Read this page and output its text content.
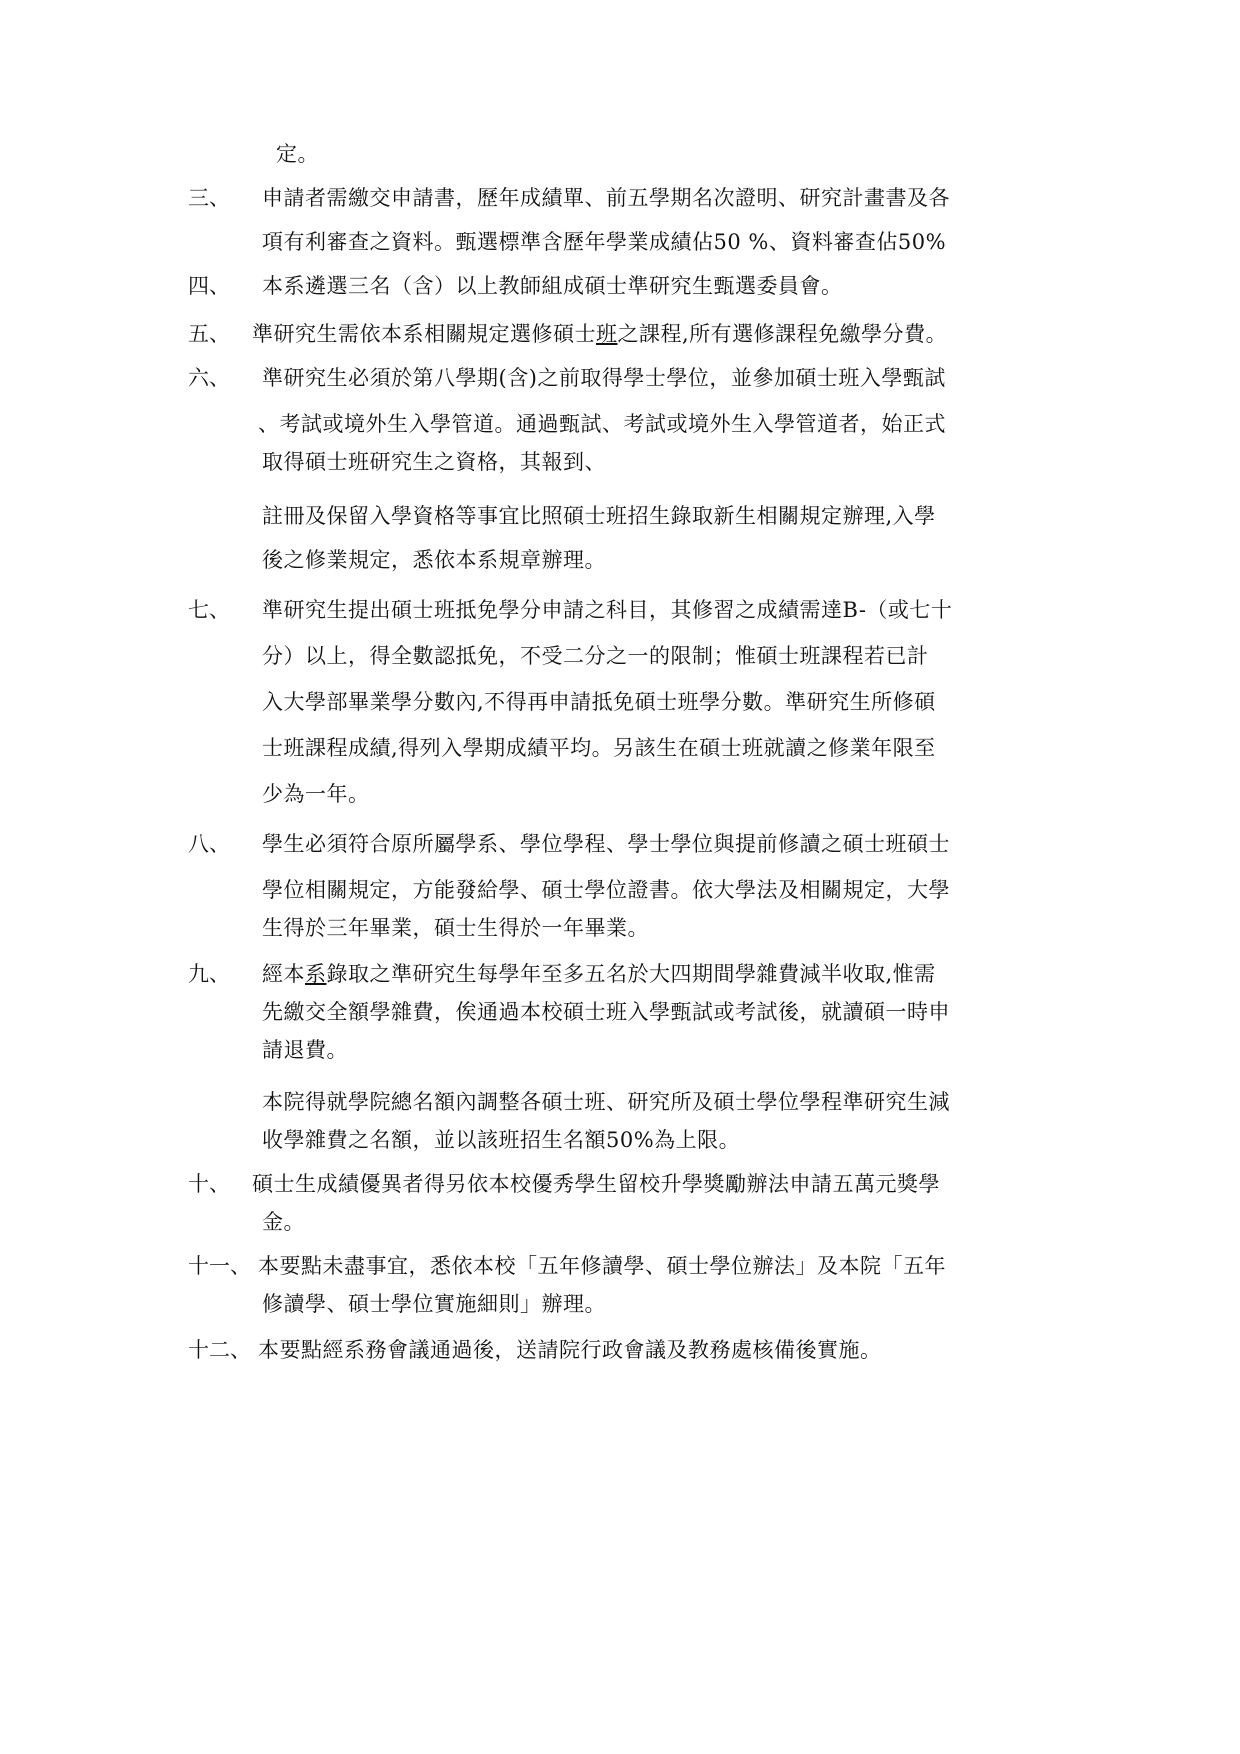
定。
三、 申請者需繳交申請書，歷年成績單、前五學期名次證明、研究計畫書及各
項有利審查之資料。甄選標準含歷年學業成績佔50 %、資料審查佔50%
四、 本系遴選三名（含）以上教師組成碩士準研究生甄選委員會。
五、 準研究生需依本系相關規定選修碩士班之課程,所有選修課程免繳學分費。
六、 準研究生必須於第八學期(含)之前取得學士學位，並參加碩士班入學甄試
、考試或境外生入學管道。通過甄試、考試或境外生入學管道者，始正式
取得碩士班研究生之資格，其報到、
註冊及保留入學資格等事宜比照碩士班招生錄取新生相關規定辦理,入學
後之修業規定，悉依本系規章辦理。
七、 準研究生提出碩士班抵免學分申請之科目，其修習之成績需達B-（或七十
分）以上，得全數認抵免，不受二分之一的限制；惟碩士班課程若已計
入大學部畢業學分數內,不得再申請抵免碩士班學分數。準研究生所修碩
士班課程成績,得列入學期成績平均。另該生在碩士班就讀之修業年限至
少為一年。
八、 學生必須符合原所屬學系、學位學程、學士學位與提前修讀之碩士班碩士
學位相關規定，方能發給學、碩士學位證書。依大學法及相關規定，大學
生得於三年畢業，碩士生得於一年畢業。
九、 經本系錄取之準研究生每學年至多五名於大四期間學雜費減半收取,惟需
先繳交全額學雜費，俟通過本校碩士班入學甄試或考試後，就讀碩一時申
請退費。
本院得就學院總名額內調整各碩士班、研究所及碩士學位學程準研究生減
收學雜費之名額，並以該班招生名額50%為上限。
十、 碩士生成績優異者得另依本校優秀學生留校升學獎勵辦法申請五萬元獎學
金。
十一、 本要點未盡事宜，悉依本校「五年修讀學、碩士學位辦法」及本院「五年
修讀學、碩士學位實施細則」辦理。
十二、 本要點經系務會議通過後，送請院行政會議及教務處核備後實施。
